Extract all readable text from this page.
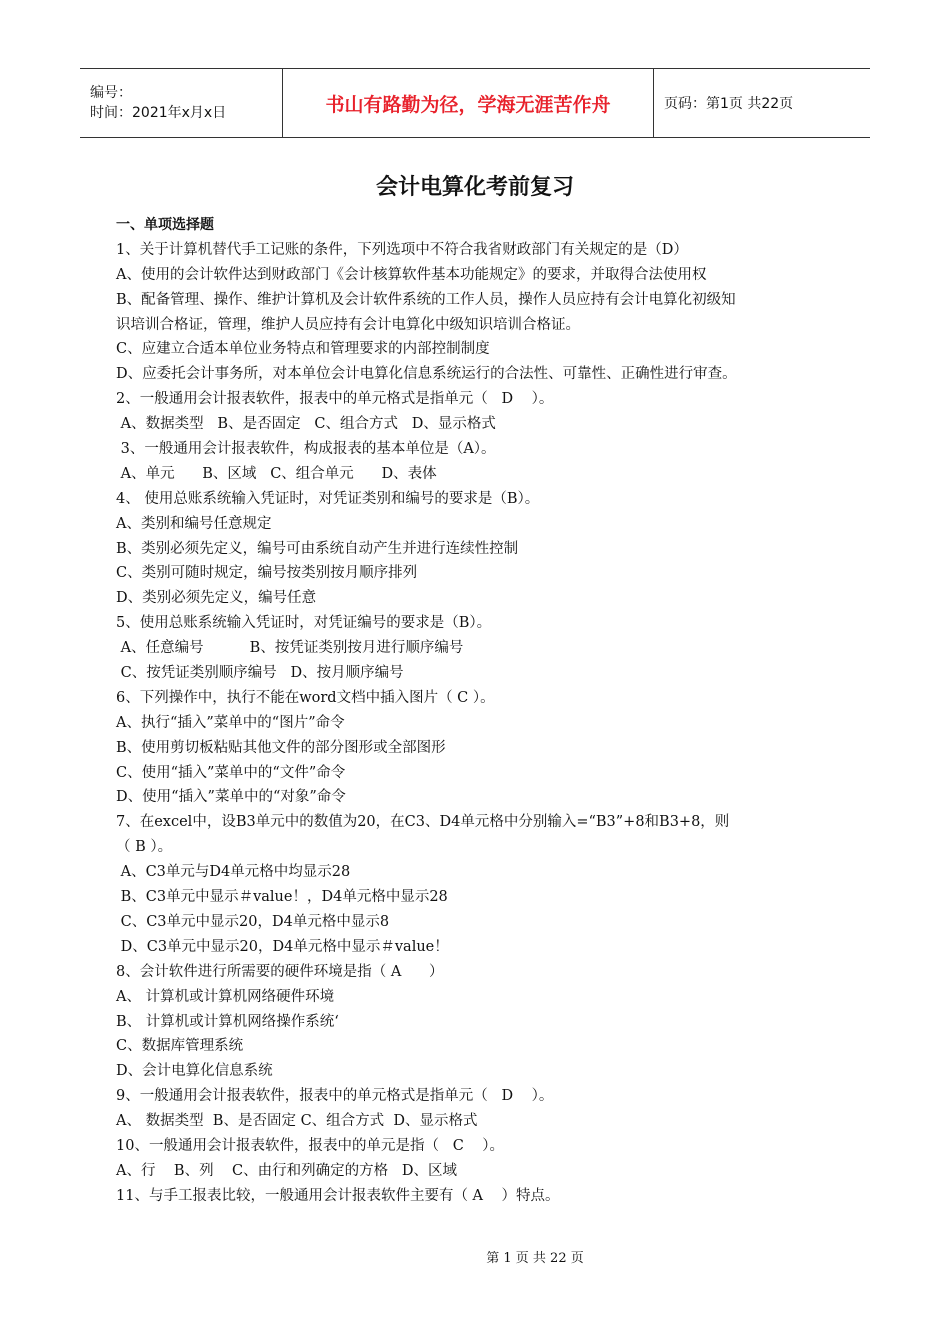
编号：
时间：2021年x月x日	书山有路勤为径，学海无涯苦作舟	页码：第1页 共22页
会计电算化考前复习
一、单项选择题
1、关于计算机替代手工记账的条件，下列选项中不符合我省财政部门有关规定的是（D）
A、使用的会计软件达到财政部门《会计核算软件基本功能规定》的要求，并取得合法使用权
B、配备管理、操作、维护计算机及会计软件系统的工作人员，操作人员应持有会计电算化初级知
识培训合格证，管理，维护人员应持有会计电算化中级知识培训合格证。
C、应建立合适本单位业务特点和管理要求的内部控制制度
D、应委托会计事务所，对本单位会计电算化信息系统运行的合法性、可靠性、正确性进行审查。
2、一般通用会计报表软件，报表中的单元格式是指单元（   D    ）。
A、数据类型   B、是否固定   C、组合方式   D、显示格式
3、一般通用会计报表软件，构成报表的基本单位是（A）。
A、单元      B、区域   C、组合单元      D、表体
4、 使用总账系统输入凭证时，对凭证类别和编号的要求是（B）。
A、类别和编号任意规定
B、类别必须先定义，编号可由系统自动产生并进行连续性控制
C、类别可随时规定，编号按类别按月顺序排列
D、类别必须先定义，编号任意
5、使用总账系统输入凭证时，对凭证编号的要求是（B）。
A、任意编号          B、按凭证类别按月进行顺序编号
C、按凭证类别顺序编号   D、按月顺序编号
6、下列操作中，执行不能在word文档中插入图片（ C ）。
A、执行“插入”菜单中的“图片”命令
B、使用剪切板粘贴其他文件的部分图形或全部图形
C、使用“插入”菜单中的“文件”命令
D、使用“插入”菜单中的“对象”命令
7、在excel中，设B3单元中的数值为20，在C3、D4单元格中分别输入=“B3”+8和B3+8，则
（ B ）。
A、C3单元与D4单元格中均显示28
B、C3单元中显示＃value！，D4单元格中显示28
C、C3单元中显示20，D4单元格中显示8
D、C3单元中显示20，D4单元格中显示＃value！
8、会计软件进行所需要的硬件环境是指（ A      ）
A、 计算机或计算机网络硬件环境
B、 计算机或计算机网络操作系统‘
C、数据库管理系统
D、会计电算化信息系统
9、一般通用会计报表软件，报表中的单元格式是指单元（   D    ）。
A、 数据类型  B、是否固定 C、组合方式  D、显示格式
10、一般通用会计报表软件，报表中的单元是指（   C    ）。
A、行    B、列    C、由行和列确定的方格   D、区域
11、与手工报表比较，一般通用会计报表软件主要有（ A    ）特点。
第 1 页 共 22 页
